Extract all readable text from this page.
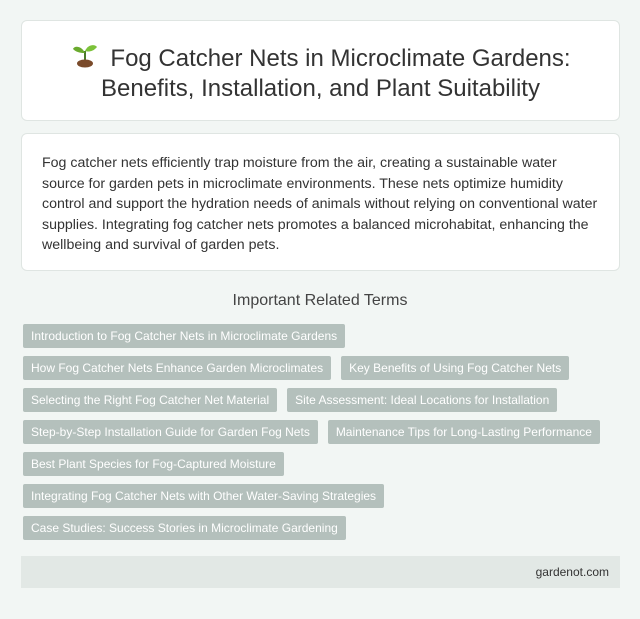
Fog Catcher Nets in Microclimate Gardens:
Benefits, Installation, and Plant Suitability

Fog catcher nets efficiently trap moisture from the air, creating a sustainable water source for garden pets in microclimate environments. These nets optimize humidity control and support the hydration needs of animals without relying on conventional water supplies. Integrating fog catcher nets promotes a balanced microhabitat, enhancing the wellbeing and survival of garden pets.

Important Related Terms
Introduction to Fog Catcher Nets in Microclimate Gardens
How Fog Catcher Nets Enhance Garden Microclimates	Key Benefits of Using Fog Catcher Nets
Selecting the Right Fog Catcher Net Material	Site Assessment: Ideal Locations for Installation
Step-by-Step Installation Guide for Garden Fog Nets	Maintenance Tips for Long-Lasting Performance
Best Plant Species for Fog-Captured Moisture
Integrating Fog Catcher Nets with Other Water-Saving Strategies
Case Studies: Success Stories in Microclimate Gardening
gardenot.com
